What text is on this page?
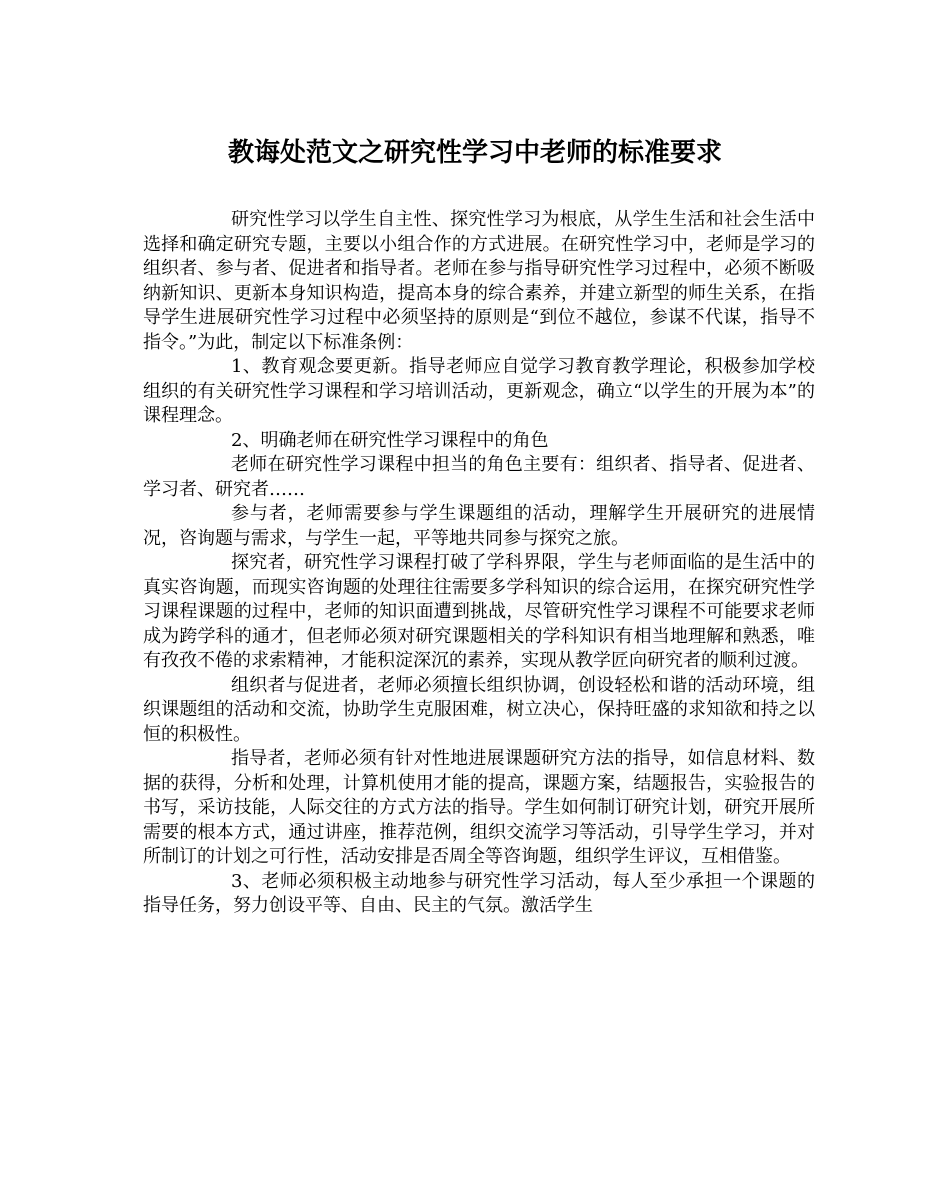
教诲处范文之研究性学习中老师的标准要求

研究性学习以学生自主性、探究性学习为根底，从学生生活和社会生活中选择和确定研究专题，主要以小组合作的方式进展。在研究性学习中，老师是学习的组织者、参与者、促进者和指导者。老师在参与指导研究性学习过程中，必须不断吸纳新知识、更新本身知识构造，提高本身的综合素养，并建立新型的师生关系，在指导学生进展研究性学习过程中必须坚持的原则是“到位不越位，参谋不代谋，指导不指令。”为此，制定以下标准条例：

1、教育观念要更新。指导老师应自觉学习教育教学理论，积极参加学校组织的有关研究性学习课程和学习培训活动，更新观念，确立“以学生的开展为本”的课程理念。

2、明确老师在研究性学习课程中的角色

老师在研究性学习课程中担当的角色主要有：组织者、指导者、促进者、学习者、研究者……

参与者，老师需要参与学生课题组的活动，理解学生开展研究的进展情况，咨询题与需求，与学生一起，平等地共同参与探究之旅。

探究者，研究性学习课程打破了学科界限，学生与老师面临的是生活中的真实咨询题，而现实咨询题的处理往往需要多学科知识的综合运用，在探究研究性学习课程课题的过程中，老师的知识面遭到挑战，尽管研究性学习课程不可能要求老师成为跨学科的通才，但老师必须对研究课题相关的学科知识有相当地理解和熟悉，唯有孜孜不倦的求索精神，才能积淀深沉的素养，实现从教学匠向研究者的顺利过渡。

组织者与促进者，老师必须擅长组织协调，创设轻松和谐的活动环境，组织课题组的活动和交流，协助学生克服困难，树立决心，保持旺盛的求知欲和持之以恒的积极性。

指导者，老师必须有针对性地进展课题研究方法的指导，如信息材料、数据的获得，分析和处理，计算机使用才能的提高，课题方案，结题报告，实验报告的书写，采访技能，人际交往的方式方法的指导。学生如何制订研究计划，研究开展所需要的根本方式，通过讲座，推荐范例，组织交流学习等活动，引导学生学习，并对所制订的计划之可行性，活动安排是否周全等咨询题，组织学生评议，互相借鉴。

3、老师必须积极主动地参与研究性学习活动，每人至少承担一个课题的指导任务，努力创设平等、自由、民主的气氛。激活学生
